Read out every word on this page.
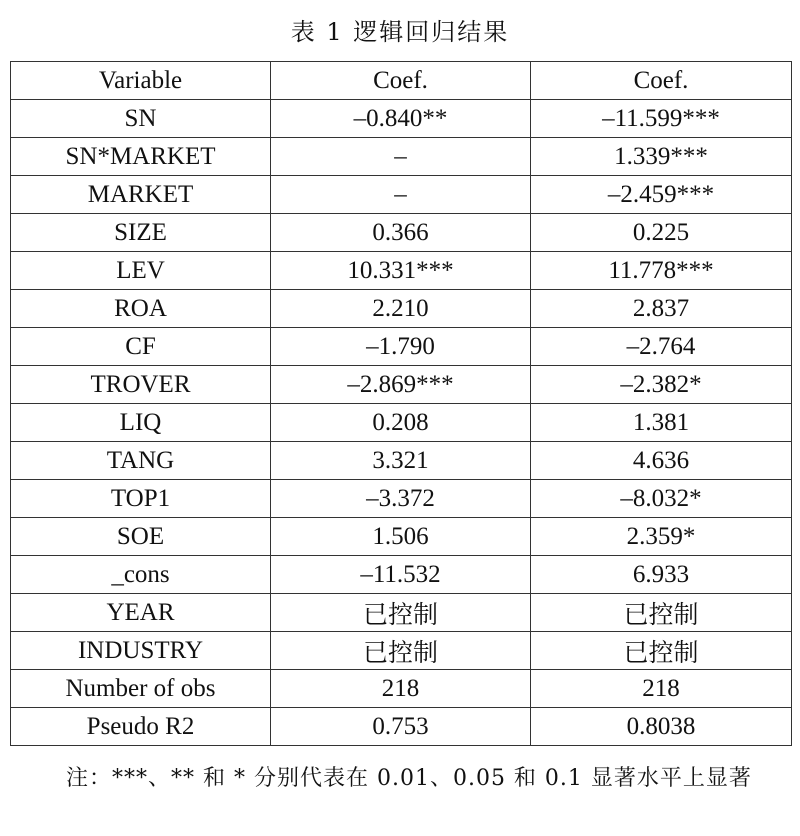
表 1 逻辑回归结果
Variable	Coef.	Coef.
SN	–0.840**	–11.599***
SN*MARKET	–	1.339***
MARKET	–	–2.459***
SIZE	0.366	0.225
LEV	10.331***	11.778***
ROA	2.210	2.837
CF	–1.790	–2.764
TROVER	–2.869***	–2.382*
LIQ	0.208	1.381
TANG	3.321	4.636
TOP1	–3.372	–8.032*
SOE	1.506	2.359*
_cons	–11.532	6.933
YEAR	已控制	已控制
INDUSTRY	已控制	已控制
Number of obs	218	218
Pseudo R2	0.753	0.8038
注：***、** 和 * 分别代表在 0.01、0.05 和 0.1 显著水平上显著
